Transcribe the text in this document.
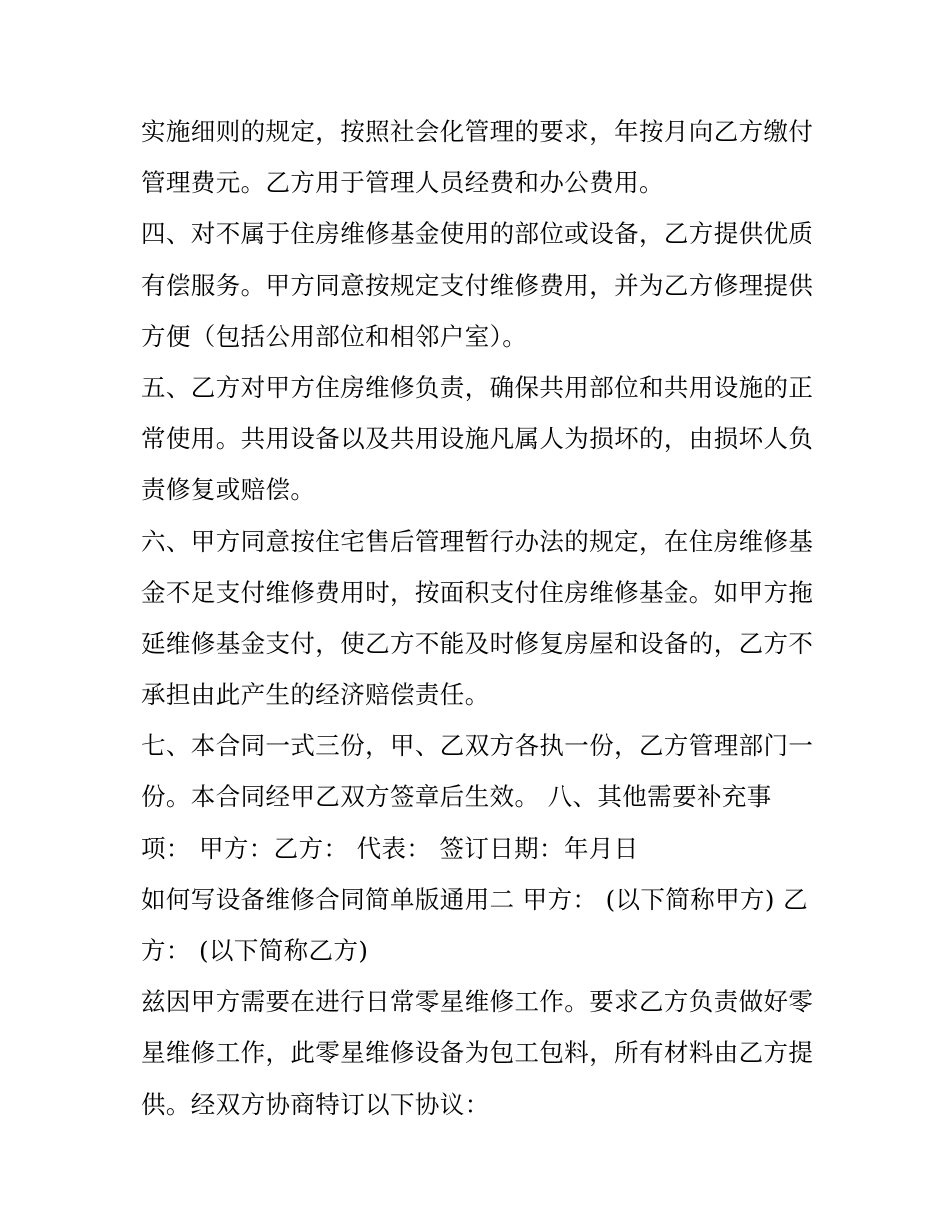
实施细则的规定，按照社会化管理的要求，年按月向乙方缴付
管理费元。乙方用于管理人员经费和办公费用。
四、对不属于住房维修基金使用的部位或设备，乙方提供优质
有偿服务。甲方同意按规定支付维修费用，并为乙方修理提供
方便（包括公用部位和相邻户室）。
五、乙方对甲方住房维修负责，确保共用部位和共用设施的正
常使用。共用设备以及共用设施凡属人为损坏的，由损坏人负
责修复或赔偿。
六、甲方同意按住宅售后管理暂行办法的规定，在住房维修基
金不足支付维修费用时，按面积支付住房维修基金。如甲方拖
延维修基金支付，使乙方不能及时修复房屋和设备的，乙方不
承担由此产生的经济赔偿责任。
七、本合同一式三份，甲、乙双方各执一份，乙方管理部门一
份。本合同经甲乙双方签章后生效。 八、其他需要补充事
项： 甲方：乙方： 代表： 签订日期：年月日
如何写设备维修合同简单版通用二 甲方： (以下简称甲方) 乙
方： (以下简称乙方)
兹因甲方需要在进行日常零星维修工作。要求乙方负责做好零
星维修工作，此零星维修设备为包工包料，所有材料由乙方提
供。经双方协商特订以下协议：
